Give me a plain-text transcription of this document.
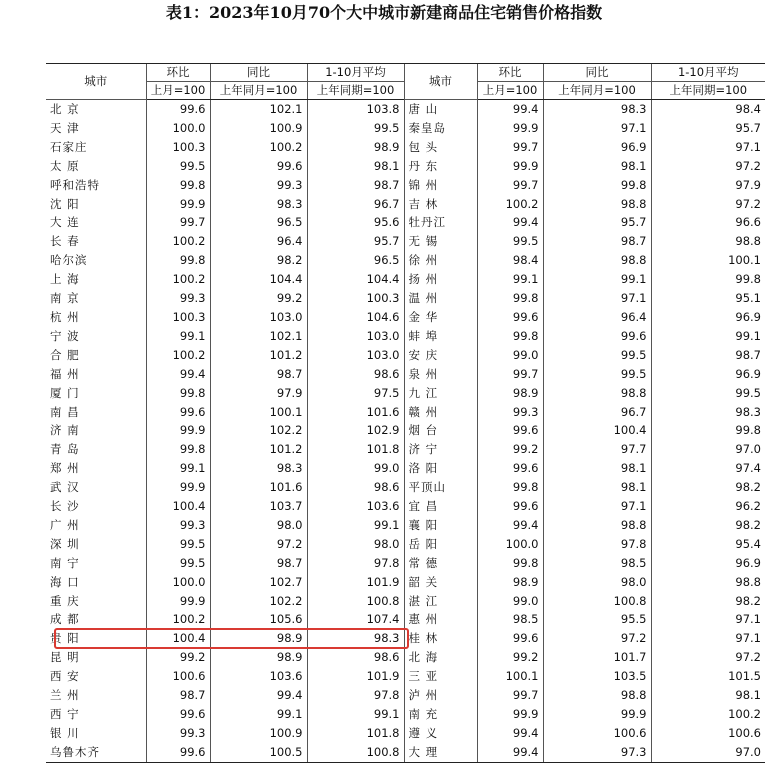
表1：2023年10月70个大中城市新建商品住宅销售价格指数
城市	环比	同比	1-10月平均	城市	环比	同比	1-10月平均
	上月=100	上年同月=100	上年同期=100		上月=100	上年同月=100	上年同期=100
北 京	99.6	102.1	103.8	唐 山	99.4	98.3	98.4
天 津	100.0	100.9	99.5	秦皇岛	99.9	97.1	95.7
石家庄	100.3	100.2	98.9	包 头	99.7	96.9	97.1
太 原	99.5	99.6	98.1	丹 东	99.9	98.1	97.2
呼和浩特	99.8	99.3	98.7	锦 州	99.7	99.8	97.9
沈 阳	99.9	98.3	96.7	吉 林	100.2	98.8	97.2
大 连	99.7	96.5	95.6	牡丹江	99.4	95.7	96.6
长 春	100.2	96.4	95.7	无 锡	99.5	98.7	98.8
哈尔滨	99.8	98.2	96.5	徐 州	98.4	98.8	100.1
上 海	100.2	104.4	104.4	扬 州	99.1	99.1	99.8
南 京	99.3	99.2	100.3	温 州	99.8	97.1	95.1
杭 州	100.3	103.0	104.6	金 华	99.6	96.4	96.9
宁 波	99.1	102.1	103.0	蚌 埠	99.8	99.6	99.1
合 肥	100.2	101.2	103.0	安 庆	99.0	99.5	98.7
福 州	99.4	98.7	98.6	泉 州	99.7	99.5	96.9
厦 门	99.8	97.9	97.5	九 江	98.9	98.8	99.5
南 昌	99.6	100.1	101.6	赣 州	99.3	96.7	98.3
济 南	99.9	102.2	102.9	烟 台	99.6	100.4	99.8
青 岛	99.8	101.2	101.8	济 宁	99.2	97.7	97.0
郑 州	99.1	98.3	99.0	洛 阳	99.6	98.1	97.4
武 汉	99.9	101.6	98.6	平顶山	99.8	98.1	98.2
长 沙	100.4	103.7	103.6	宜 昌	99.6	97.1	96.2
广 州	99.3	98.0	99.1	襄 阳	99.4	98.8	98.2
深 圳	99.5	97.2	98.0	岳 阳	100.0	97.8	95.4
南 宁	99.5	98.7	97.8	常 德	99.8	98.5	96.9
海 口	100.0	102.7	101.9	韶 关	98.9	98.0	98.8
重 庆	99.9	102.2	100.8	湛 江	99.0	100.8	98.2
成 都	100.2	105.6	107.4	惠 州	98.5	95.5	97.1
贵 阳	100.4	98.9	98.3	桂 林	99.6	97.2	97.1
昆 明	99.2	98.9	98.6	北 海	99.2	101.7	97.2
西 安	100.6	103.6	101.9	三 亚	100.1	103.5	101.5
兰 州	98.7	99.4	97.8	泸 州	99.7	98.8	98.1
西 宁	99.6	99.1	99.1	南 充	99.9	99.9	100.2
银 川	99.3	100.9	101.8	遵 义	99.4	100.6	100.6
乌鲁木齐	99.6	100.5	100.8	大 理	99.4	97.3	97.0
